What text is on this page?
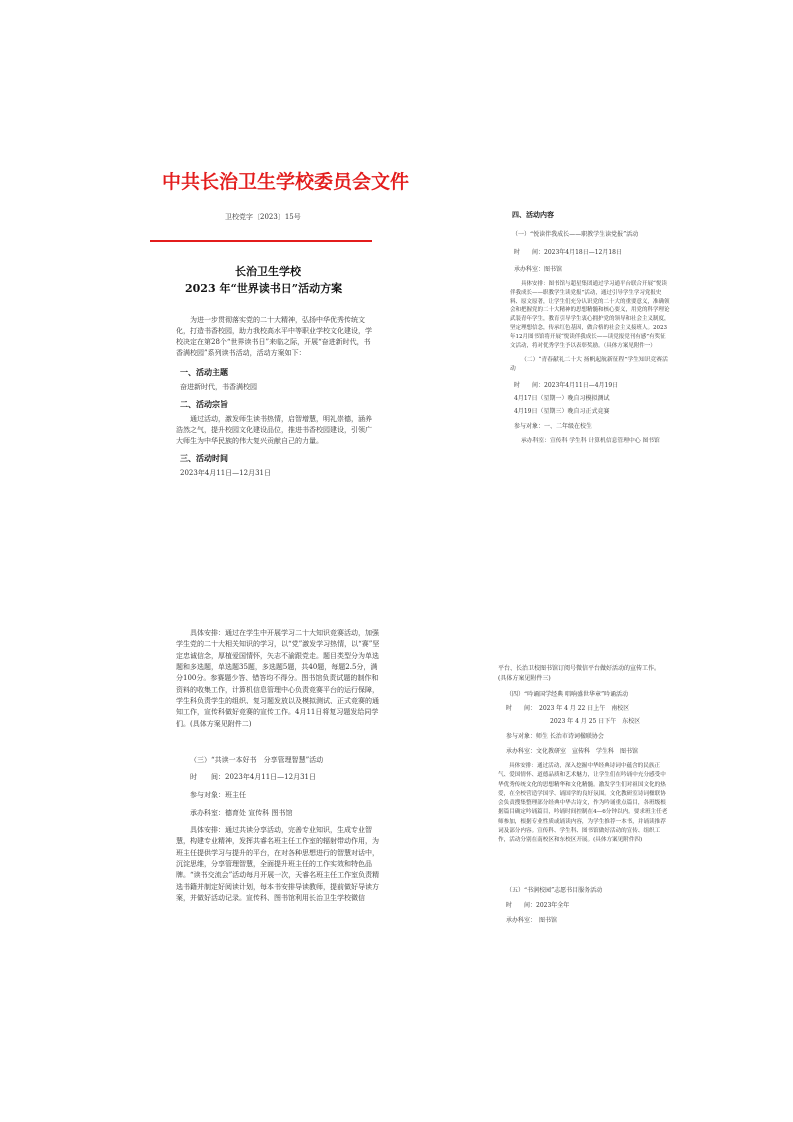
中共长治卫生学校委员会文件
卫校党字〔2023〕15号
长治卫生学校
2023 年“世界读书日”活动方案
为进一步贯彻落实党的二十大精神，弘扬中华优秀传统文化，打造书香校园，助力我校高水平中等职业学校文化建设，学校决定在第28个“世界读书日”来临之际，开展“奋进新时代，书香满校园”系列读书活动，活动方案如下：
一、活动主题
奋进新时代，书香满校园
二、活动宗旨
通过活动，激发师生读书热情，启智增慧，明礼崇德，涵养浩然之气，提升校园文化建设品位，推进书香校园建设，引领广大师生为中华民族的伟大复兴贡献自己的力量。
三、活动时间
2023年4月11日—12月31日
四、活动内容
（一）“悦读伴我成长——职教学生读党报”活动
时　　间：2023年4月18日—12月18日
承办科室：图书馆
具体安排：图书馆与超星集团通过学习通平台联合开展“悦读伴我成长——职教学生读党报”活动，通过引导学生学习党报史料、原文原著，让学生们充分认识党的二十大的重要意义，准确领会和把握党的二十大精神的思想精髓和核心要义，用党的科学理论武装青年学生，教育引导学生衷心拥护党的领导和社会主义制度，坚定理想信念，传承红色基因，做合格的社会主义接班人。2023年12月图书馆将开展“悦读伴我成长——读党报党刊有感”有奖征文活动，将对优秀学生予以表彰奖励。（具体方案见附件一）
（二）“青春献礼二十大 扬帆起航新征程”学生知识竞赛活动
时　　间：2023年4月11日—4月19日
4月17日（星期一）晚自习模拟测试
4月19日（星期三）晚自习正式竞赛
参与对象：一、二年级在校生
承办科室：宣传科 学生科 计算机信息管理中心 图书馆
具体安排：通过在学生中开展学习二十大知识竞赛活动，加强学生党的二十大相关知识的学习，以“党”激发学习热情，以“赛”坚定忠诚信念，厚植爱国情怀，矢志不渝跟党走。题目类型分为单选题和多选题，单选题35题，多选题5题，共40题，每题2.5分，满分100分。参赛题少答、错答均不得分。图书馆负责试题的制作和资料的收集工作，计算机信息管理中心负责竞赛平台的运行保障，学生科负责学生的组织、复习题发放以及模拟测试、正式竞赛的通知工作，宣传科做好竞赛的宣传工作。4月11日将复习题发给同学们。(具体方案见附件二)
（三）“共读一本好书　分享管理智慧”活动
时　　间：2023年4月11日—12月31日
参与对象：班主任
承办科室：德育处 宣传科 图书馆
具体安排：通过共读分享活动，完善专业知识，生成专业智慧，构建专业精神，发挥共睿名班主任工作室的辐射带动作用，为班主任提供学习与提升的平台，在对各种思想进行的智慧对话中，沉淀思维，分享管理智慧，全面提升班主任的工作实效和特色品牌。“读书交流会”活动每月开展一次，天睿名班主任工作室负责精选书籍并制定好阅读计划，每本书安排导读教师，提前做好导读方案，并做好活动记录。宣传科、图书馆利用长治卫生学校微信
平台、长治卫校图书馆订阅号微信平台做好活动的宣传工作。(具体方案见附件三)
（四）“吟诵国学经典 唱响盛世华章”吟诵活动
时　　间：　2023 年 4 月 22 日上午　南校区
2023 年 4 月 25 日下午　东校区
参与对象：师生 长治市诗词楹联协会
承办科室：文化教研室　宣传科　学生科　图书馆
具体安排：通过活动，深入挖掘中华经典诗词中蕴含的民族正气、爱国情怀、道德品质和艺术魅力，让学生们在吟诵中充分感受中华优秀传统文化的思想精华和文化精髓。激发学生们对祖国文化的热爱，在全校营造学国学、诵国学的良好氛围。文化教研室诗词楹联协会负责搜集整理部分经典中华古诗文，作为吟诵重点篇目，各班级根据篇目确定吟诵篇目，吟诵时间控制在4—6分钟以内。要求班主任老师参加，根据专业性质或诵读内容，为学生推荐一本书，并诵读推荐词及部分内容。宣传科、学生科、图书馆做好活动的宣传、组织工作，活动分别在南校区和东校区开展。(具体方案见附件四)
（五）“书润校园”志愿书目服务活动
时　　间：2023年全年
承办科室：　图书馆
